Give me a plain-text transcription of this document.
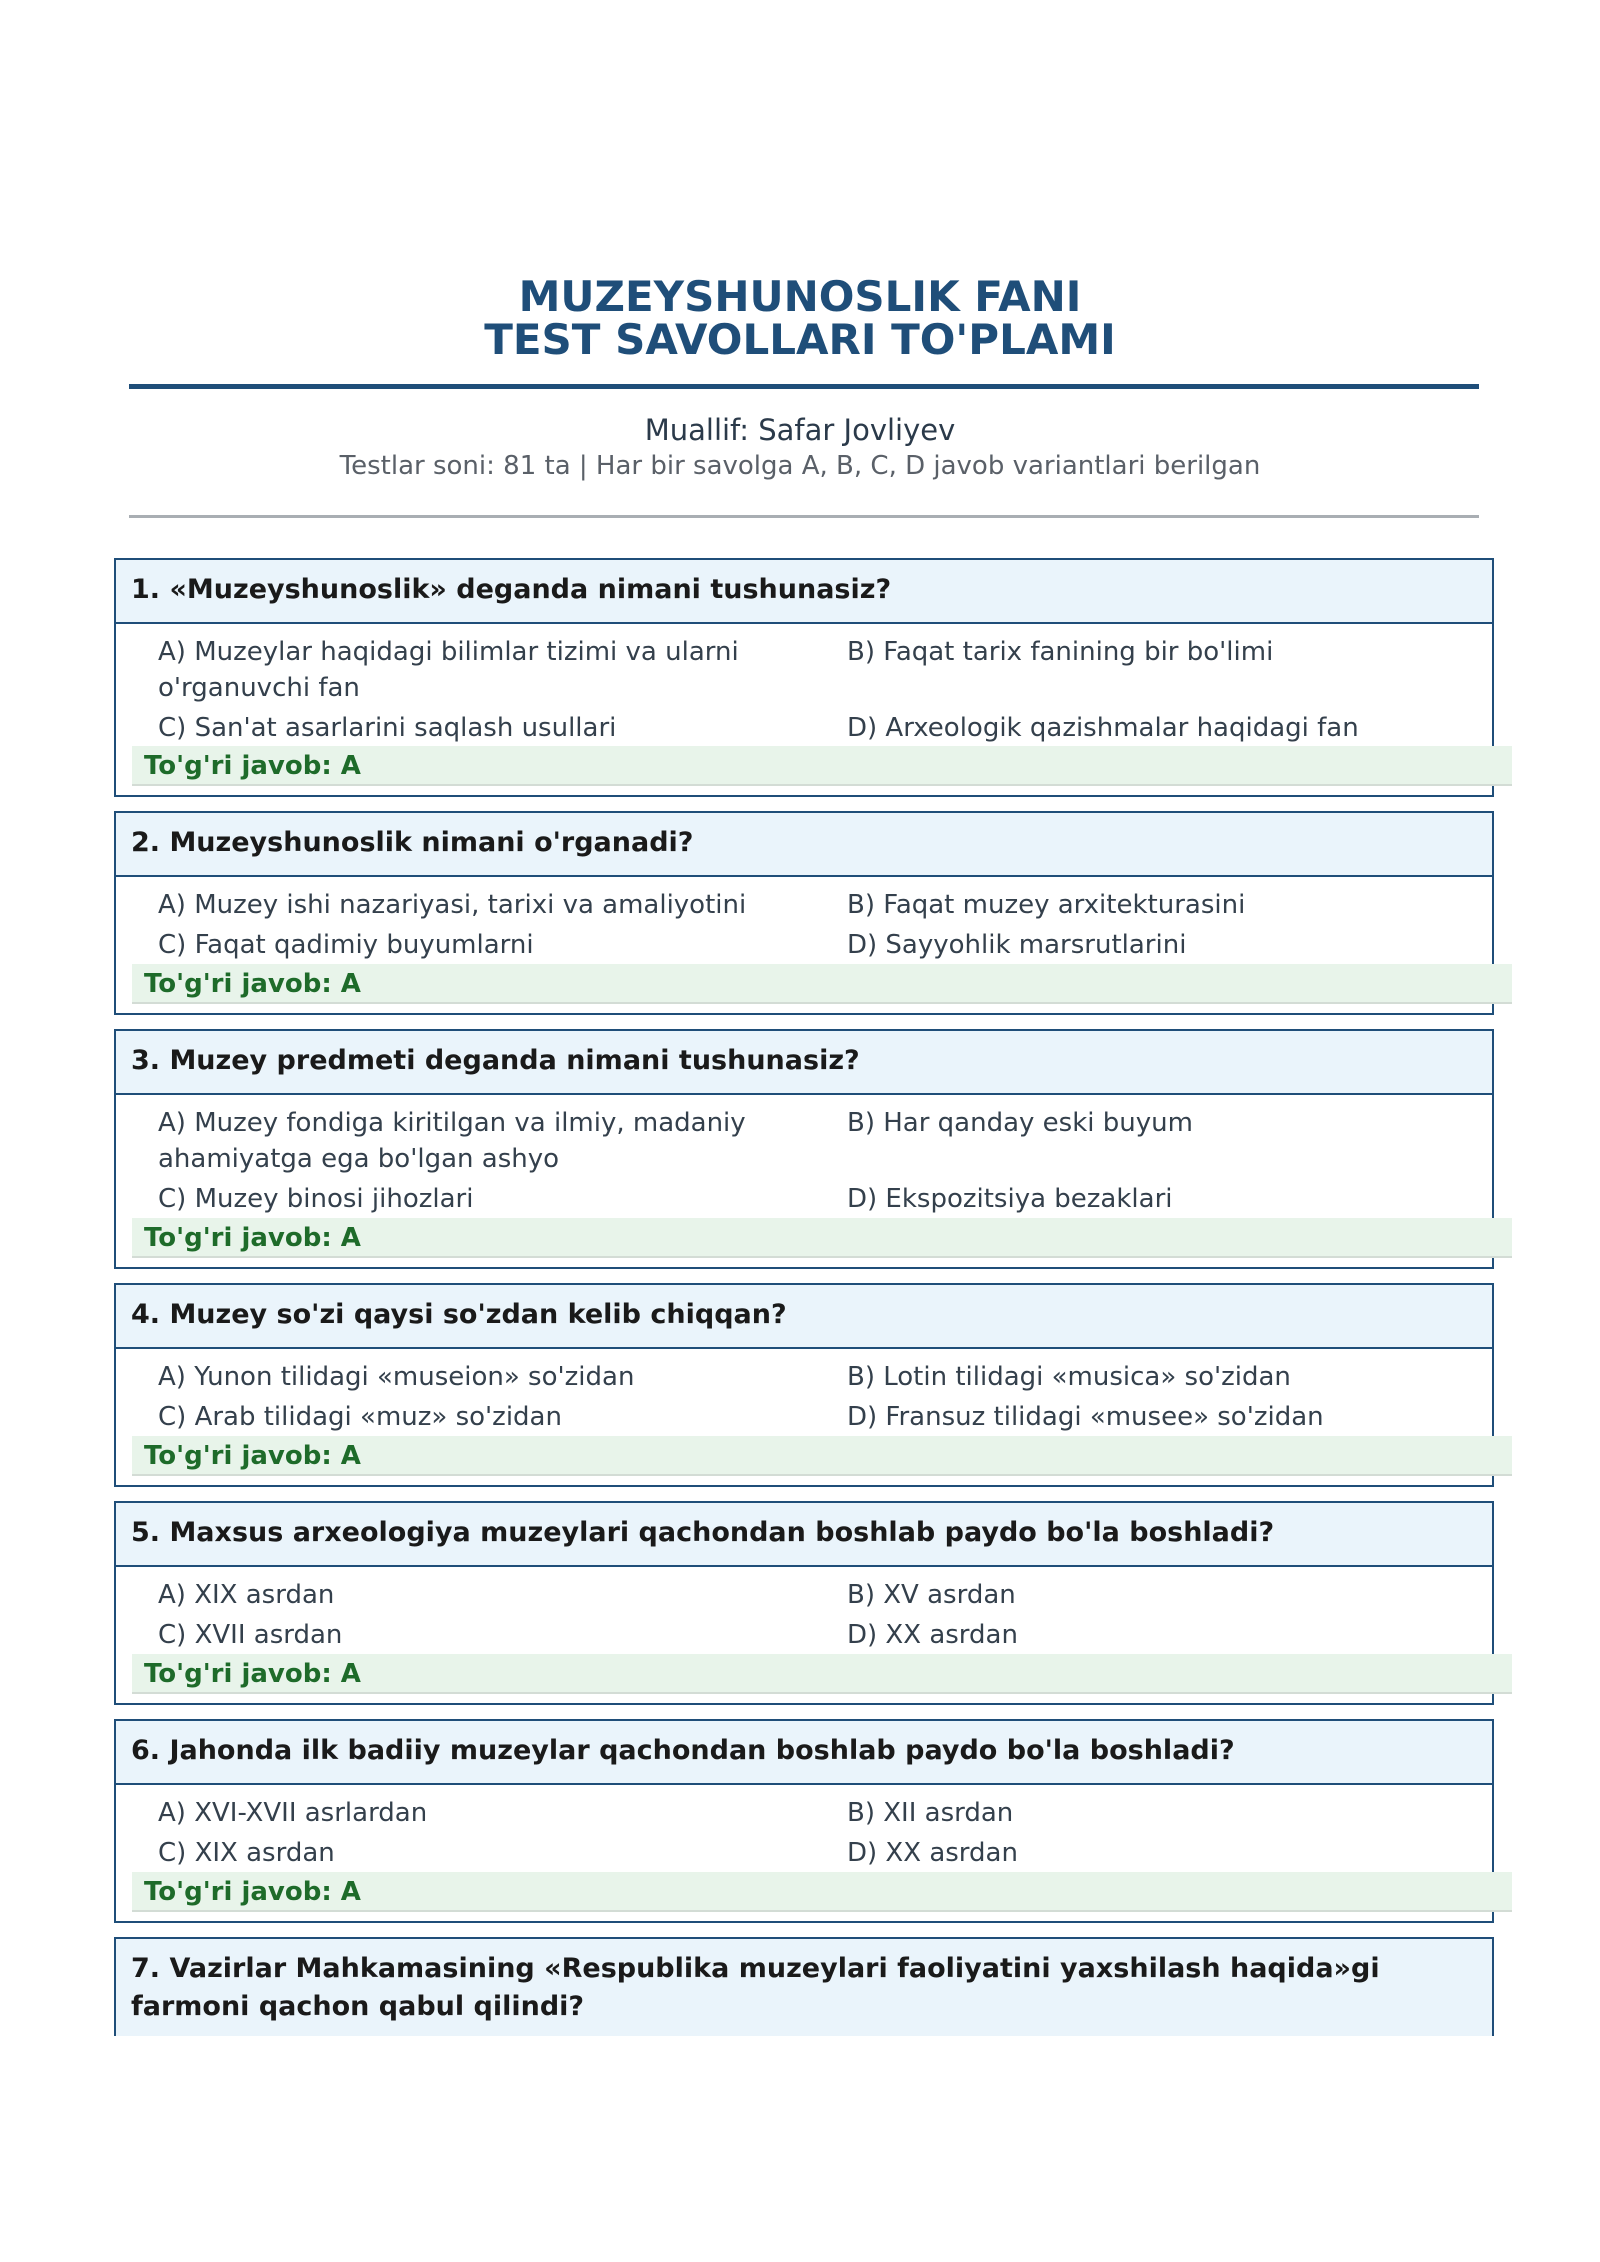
MUZEYSHUNOSLIK FANI
TEST SAVOLLARI TO'PLAMI
Muallif: Safar Jovliyev
Testlar soni: 81 ta | Har bir savolga A, B, C, D javob variantlari berilgan
1. «Muzeyshunoslik» deganda nimani tushunasiz?
A) Muzeylar haqidagi bilimlar tizimi va ularni o'rganuvchi fan
B) Faqat tarix fanining bir bo'limi
C) San'at asarlarini saqlash usullari	D) Arxeologik qazishmalar haqidagi fan
To'g'ri javob: A
2. Muzeyshunoslik nimani o'rganadi?
A) Muzey ishi nazariyasi, tarixi va amaliyotini	B) Faqat muzey arxitekturasini
C) Faqat qadimiy buyumlarni	D) Sayyohlik marsrutlarini
To'g'ri javob: A
3. Muzey predmeti deganda nimani tushunasiz?
A) Muzey fondiga kiritilgan va ilmiy, madaniy ahamiyatga ega bo'lgan ashyo
B) Har qanday eski buyum
C) Muzey binosi jihozlari	D) Ekspozitsiya bezaklari
To'g'ri javob: A
4. Muzey so'zi qaysi so'zdan kelib chiqqan?
A) Yunon tilidagi «museion» so'zidan	B) Lotin tilidagi «musica» so'zidan
C) Arab tilidagi «muz» so'zidan	D) Fransuz tilidagi «musee» so'zidan
To'g'ri javob: A
5. Maxsus arxeologiya muzeylari qachondan boshlab paydo bo'la boshladi?
A) XIX asrdan	B) XV asrdan
C) XVII asrdan	D) XX asrdan
To'g'ri javob: A
6. Jahonda ilk badiiy muzeylar qachondan boshlab paydo bo'la boshladi?
A) XVI-XVII asrlardan	B) XII asrdan
C) XIX asrdan	D) XX asrdan
To'g'ri javob: A
7. Vazirlar Mahkamasining «Respublika muzeylari faoliyatini yaxshilash haqida»gi farmoni qachon qabul qilindi?
